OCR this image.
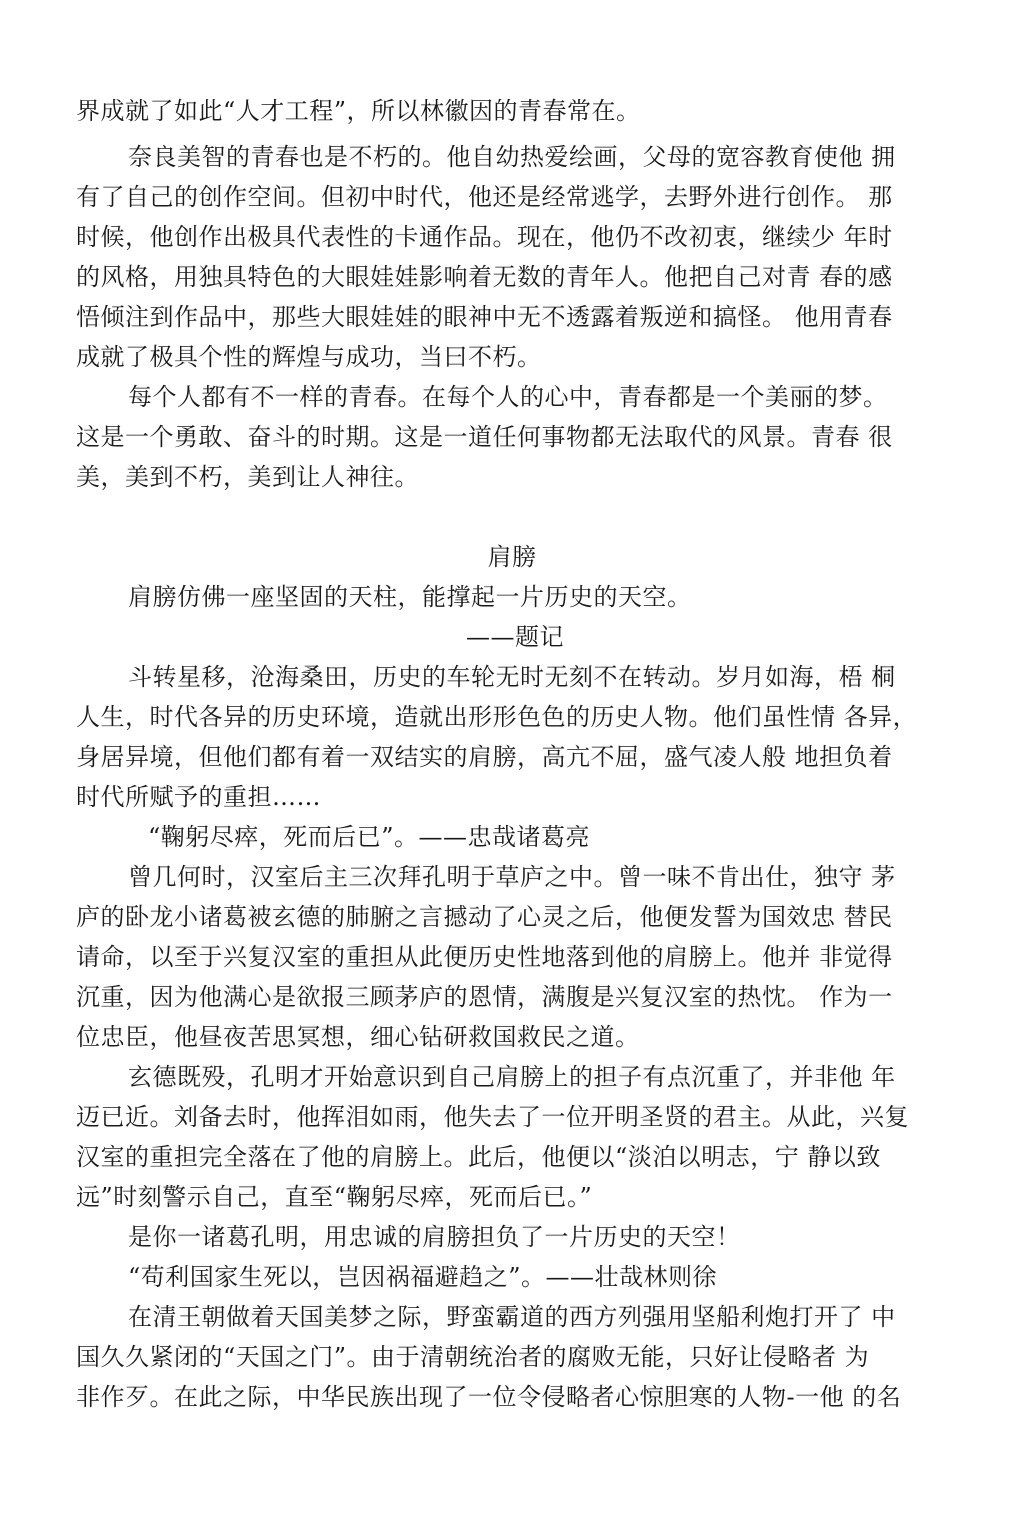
界成就了如此“人才工程”，所以林徽因的青春常在。
奈良美智的青春也是不朽的。他自幼热爱绘画，父母的宽容教育使他 拥
有了自己的创作空间。但初中时代，他还是经常逃学，去野外进行创作。 那
时候，他创作出极具代表性的卡通作品。现在，他仍不改初衷，继续少 年时
的风格，用独具特色的大眼娃娃影响着无数的青年人。他把自己对青 春的感
悟倾注到作品中，那些大眼娃娃的眼神中无不透露着叛逆和搞怪。 他用青春
成就了极具个性的辉煌与成功，当曰不朽。
每个人都有不一样的青春。在每个人的心中，青春都是一个美丽的梦。
这是一个勇敢、奋斗的时期。这是一道任何事物都无法取代的风景。青春 很
美，美到不朽，美到让人神往。
肩膀
肩膀仿佛一座坚固的天柱，能撑起一片历史的天空。
——题记
斗转星移，沧海桑田，历史的车轮无时无刻不在转动。岁月如海，梧 桐
人生，时代各异的历史环境，造就出形形色色的历史人物。他们虽性情 各异，
身居异境，但他们都有着一双结实的肩膀，高亢不屈，盛气凌人般 地担负着
时代所赋予的重担……
“鞠躬尽瘁，死而后已”。——忠哉诸葛亮
曾几何时，汉室后主三次拜孔明于草庐之中。曾一味不肯出仕，独守 茅
庐的卧龙小诸葛被玄德的肺腑之言撼动了心灵之后，他便发誓为国效忠 替民
请命，以至于兴复汉室的重担从此便历史性地落到他的肩膀上。他并 非觉得
沉重，因为他满心是欲报三顾茅庐的恩情，满腹是兴复汉室的热忱。 作为一
位忠臣，他昼夜苦思冥想，细心钻研救国救民之道。
玄德既殁，孔明才开始意识到自己肩膀上的担子有点沉重了，并非他 年
迈已近。刘备去时，他挥泪如雨，他失去了一位开明圣贤的君主。从此，兴复
汉室的重担完全落在了他的肩膀上。此后，他便以“淡泊以明志，宁 静以致
远”时刻警示自己，直至“鞠躬尽瘁，死而后已。”
是你一诸葛孔明，用忠诚的肩膀担负了一片历史的天空！
“苟利国家生死以，岂因祸福避趋之”。——壮哉林则徐
在清王朝做着天国美梦之际，野蛮霸道的西方列强用坚船利炮打开了 中
国久久紧闭的“天国之门”。由于清朝统治者的腐败无能，只好让侵略者 为
非作歹。在此之际，中华民族出现了一位令侵略者心惊胆寒的人物-一他 的名
